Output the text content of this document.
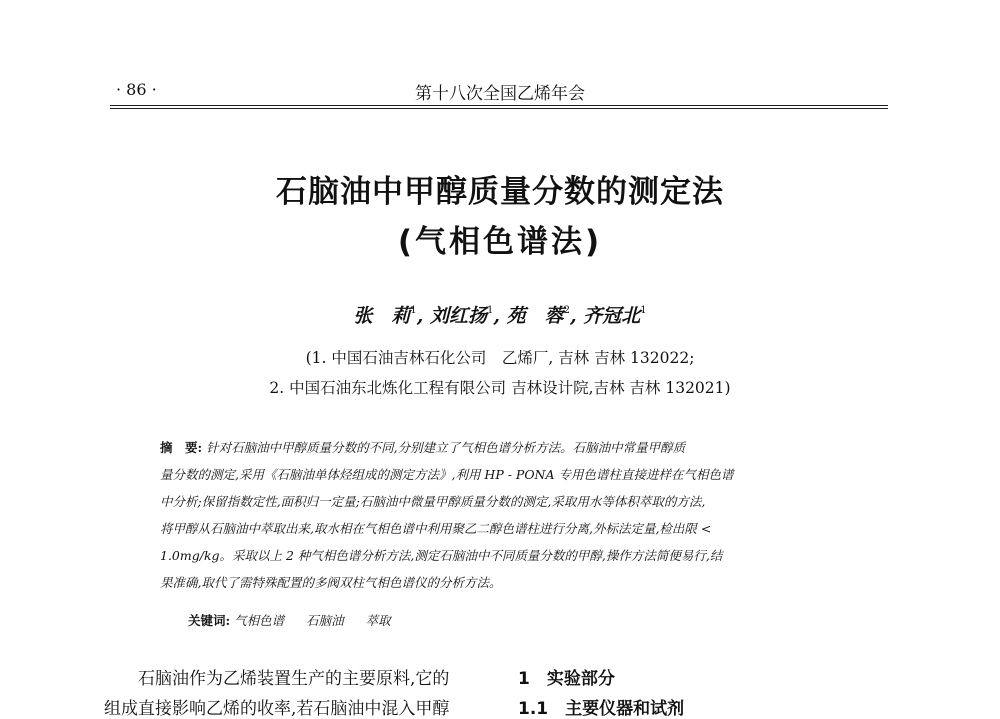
· 86 ·	第十八次全国乙烯年会
石脑油中甲醇质量分数的测定法
(气相色谱法)
张　莉$^1$, 刘红扬$^1$, 苑　蓉$^2$, 齐冠北$^1$
(1. 中国石油吉林石化公司　乙烯厂, 吉林 吉林 132022;
2. 中国石油东北炼化工程有限公司 吉林设计院,吉林 吉林 132021)
摘　要: 针对石脑油中甲醇质量分数的不同,分别建立了气相色谱分析方法。石脑油中常量甲醇质
量分数的测定,采用《石脑油单体烃组成的测定方法》,利用 HP - PONA 专用色谱柱直接进样在气相色谱
中分析;保留指数定性,面积归一定量;石脑油中微量甲醇质量分数的测定,采取用水等体积萃取的方法,
将甲醇从石脑油中萃取出来,取水相在气相色谱中利用聚乙二醇色谱柱进行分离,外标法定量,检出限 <
1.0mg/kg。采取以上 2 种气相色谱分析方法,测定石脑油中不同质量分数的甲醇,操作方法简便易行,结
果准确,取代了需特殊配置的多阀双柱气相色谱仪的分析方法。
关键词: 气相色谱 石脑油 萃取
石脑油作为乙烯装置生产的主要原料,它的
组成直接影响乙烯的收率,若石脑油中混入甲醇
1　实验部分
1.1　主要仪器和试剂
